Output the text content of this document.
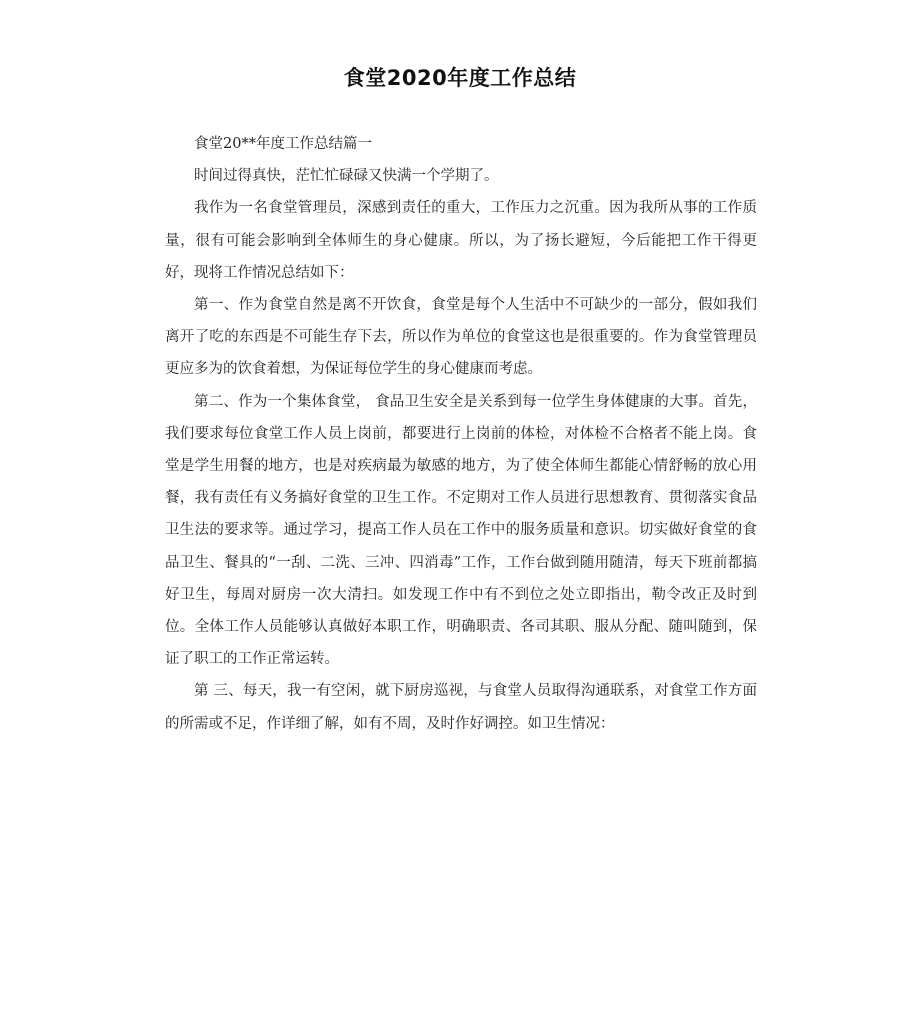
食堂2020年度工作总结

食堂20**年度工作总结篇一

时间过得真快，茫忙忙碌碌又快满一个学期了。

我作为一名食堂管理员，深感到责任的重大，工作压力之沉重。因为我所从事的工作质量，很有可能会影响到全体师生的身心健康。所以，为了扬长避短，今后能把工作干得更好，现将工作情况总结如下：

第一、作为食堂自然是离不开饮食，食堂是每个人生活中不可缺少的一部分，假如我们离开了吃的东西是不可能生存下去，所以作为单位的食堂这也是很重要的。作为食堂管理员更应多为的饮食着想，为保证每位学生的身心健康而考虑。

第二、作为一个集体食堂， 食品卫生安全是关系到每一位学生身体健康的大事。首先，我们要求每位食堂工作人员上岗前，都要进行上岗前的体检，对体检不合格者不能上岗。食堂是学生用餐的地方，也是对疾病最为敏感的地方，为了使全体师生都能心情舒畅的放心用餐，我有责任有义务搞好食堂的卫生工作。不定期对工作人员进行思想教育、贯彻落实食品卫生法的要求等。通过学习，提高工作人员在工作中的服务质量和意识。切实做好食堂的食品卫生、餐具的“一刮、二洗、三冲、四消毒”工作，工作台做到随用随清，每天下班前都搞好卫生，每周对厨房一次大清扫。如发现工作中有不到位之处立即指出，勒令改正及时到位。全体工作人员能够认真做好本职工作，明确职责、各司其职、服从分配、随叫随到，保证了职工的工作正常运转。

第 三、每天，我一有空闲，就下厨房巡视，与食堂人员取得沟通联系，对食堂工作方面的所需或不足，作详细了解，如有不周，及时作好调控。如卫生情况：
